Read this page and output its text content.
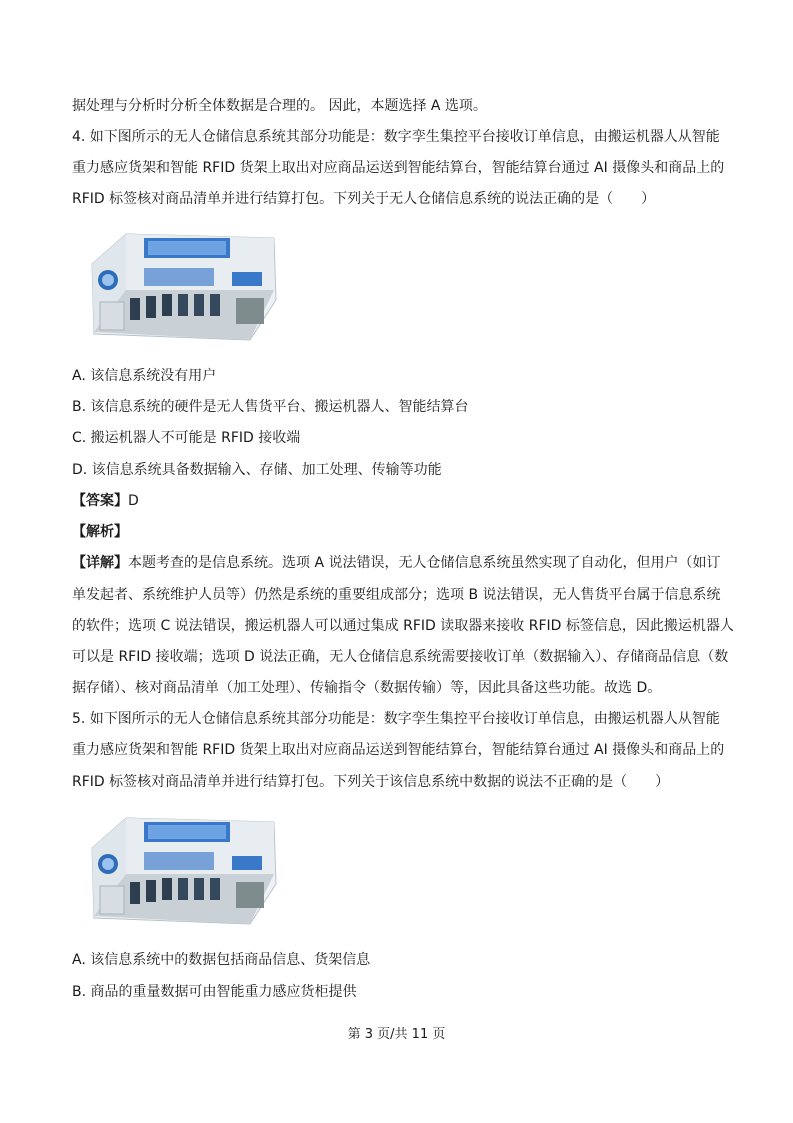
据处理与分析时分析全体数据是合理的。 因此，本题选择 A 选项。
4. 如下图所示的无人仓储信息系统其部分功能是：数字孪生集控平台接收订单信息，由搬运机器人从智能
重力感应货架和智能 RFID 货架上取出对应商品运送到智能结算台，智能结算台通过 AI 摄像头和商品上的
RFID 标签核对商品清单并进行结算打包。下列关于无人仓储信息系统的说法正确的是（　　）
A. 该信息系统没有用户
B. 该信息系统的硬件是无人售货平台、搬运机器人、智能结算台
C. 搬运机器人不可能是 RFID 接收端
D. 该信息系统具备数据输入、存储、加工处理、传输等功能
【答案】D
【解析】
【详解】本题考查的是信息系统。选项 A 说法错误，无人仓储信息系统虽然实现了自动化，但用户（如订
单发起者、系统维护人员等）仍然是系统的重要组成部分；选项 B 说法错误，无人售货平台属于信息系统
的软件；选项 C 说法错误，搬运机器人可以通过集成 RFID 读取器来接收 RFID 标签信息，因此搬运机器人
可以是 RFID 接收端；选项 D 说法正确，无人仓储信息系统需要接收订单（数据输入）、存储商品信息（数
据存储）、核对商品清单（加工处理）、传输指令（数据传输）等，因此具备这些功能。故选 D。
5. 如下图所示的无人仓储信息系统其部分功能是：数字孪生集控平台接收订单信息，由搬运机器人从智能
重力感应货架和智能 RFID 货架上取出对应商品运送到智能结算台，智能结算台通过 AI 摄像头和商品上的
RFID 标签核对商品清单并进行结算打包。下列关于该信息系统中数据的说法不正确的是（　　）
A. 该信息系统中的数据包括商品信息、货架信息
B. 商品的重量数据可由智能重力感应货柜提供
第 3 页/共 11 页
